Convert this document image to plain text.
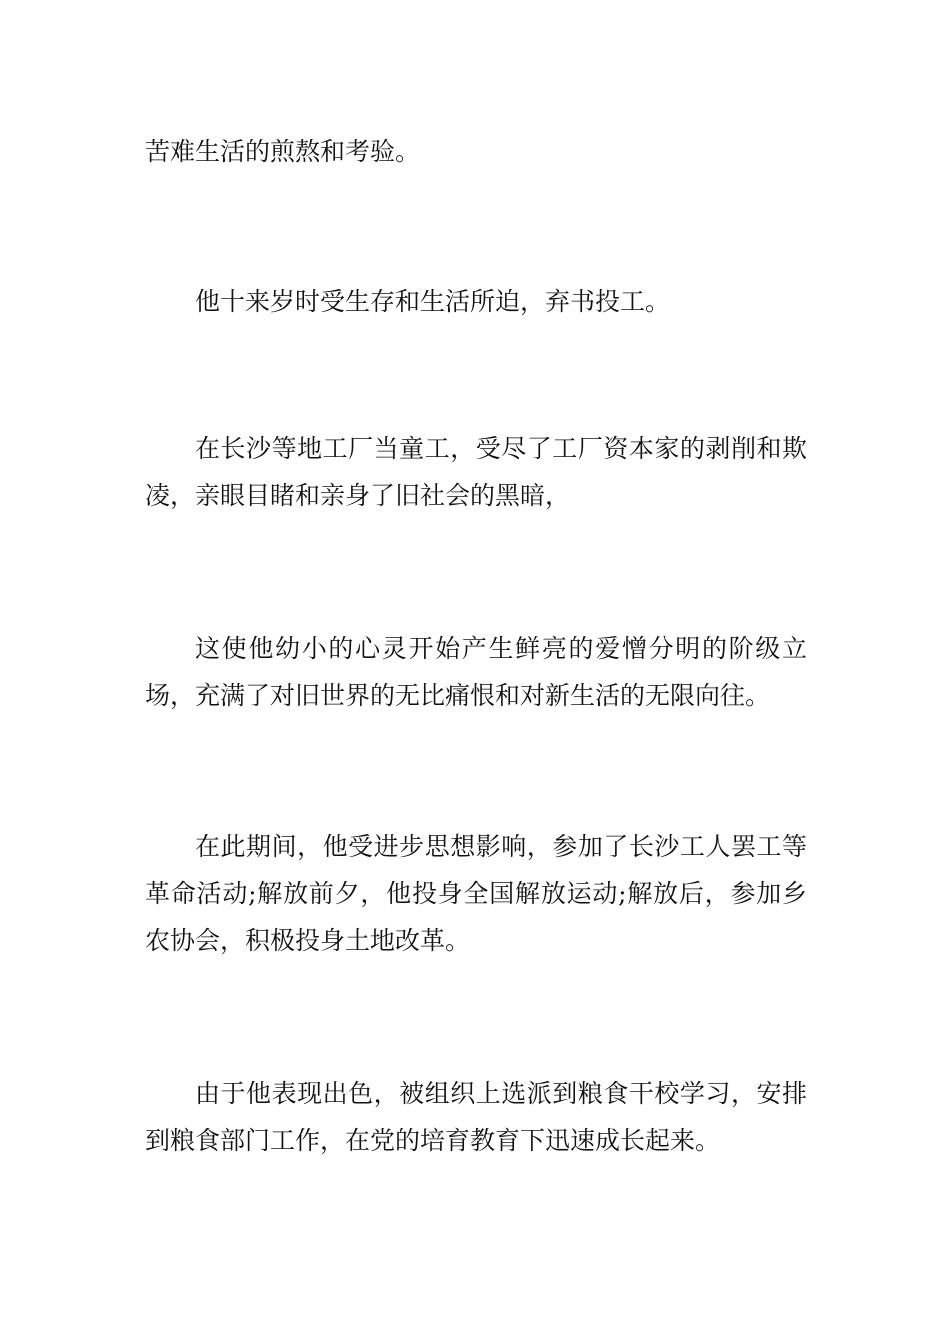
苦难生活的煎熬和考验。

他十来岁时受生存和生活所迫，弃书投工。

在长沙等地工厂当童工，受尽了工厂资本家的剥削和欺凌，亲眼目睹和亲身了旧社会的黑暗，

这使他幼小的心灵开始产生鲜亮的爱憎分明的阶级立场，充满了对旧世界的无比痛恨和对新生活的无限向往。

在此期间，他受进步思想影响，参加了长沙工人罢工等革命活动;解放前夕，他投身全国解放运动;解放后，参加乡农协会，积极投身土地改革。

由于他表现出色，被组织上选派到粮食干校学习，安排到粮食部门工作，在党的培育教育下迅速成长起来。
